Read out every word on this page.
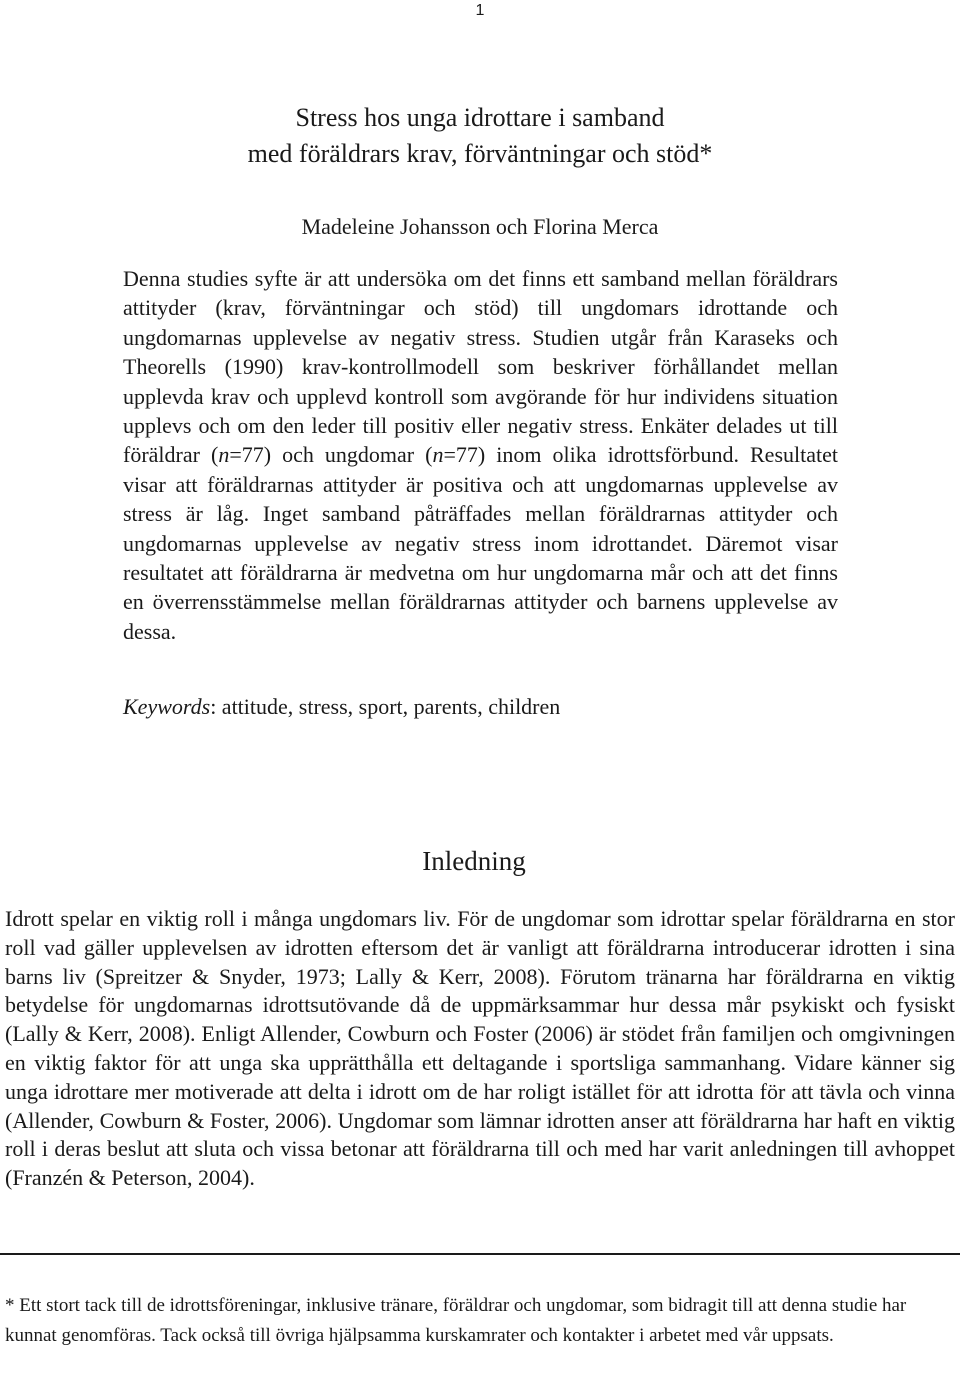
1
Stress hos unga idrottare i samband
med föräldrars krav, förväntningar och stöd*
Madeleine Johansson och Florina Merca

Denna studies syfte är att undersöka om det finns ett samband mellan föräldrars attityder (krav, förväntningar och stöd) till ungdomars idrottande och ungdomarnas upplevelse av negativ stress. Studien utgår från Karaseks och Theorells (1990) krav-kontrollmodell som beskriver förhållandet mellan upplevda krav och upplevd kontroll som avgörande för hur individens situation upplevs och om den leder till positiv eller negativ stress. Enkäter delades ut till föräldrar (n=77) och ungdomar (n=77) inom olika idrottsförbund. Resultatet visar att föräldrarnas attityder är positiva och att ungdomarnas upplevelse av stress är låg. Inget samband påträffades mellan föräldrarnas attityder och ungdomarnas upplevelse av negativ stress inom idrottandet. Däremot visar resultatet att föräldrarna är medvetna om hur ungdomarna mår och att det finns en överrensstämmelse mellan föräldrarnas attityder och barnens upplevelse av dessa.

Keywords: attitude, stress, sport, parents, children

Inledning

Idrott spelar en viktig roll i många ungdomars liv. För de ungdomar som idrottar spelar föräldrarna en stor roll vad gäller upplevelsen av idrotten eftersom det är vanligt att föräldrarna introducerar idrotten i sina barns liv (Spreitzer & Snyder, 1973; Lally & Kerr, 2008). Förutom tränarna har föräldrarna en viktig betydelse för ungdomarnas idrottsutövande då de uppmärksammar hur dessa mår psykiskt och fysiskt (Lally & Kerr, 2008). Enligt Allender, Cowburn och Foster (2006) är stödet från familjen och omgivningen en viktig faktor för att unga ska upprätthålla ett deltagande i sportsliga sammanhang. Vidare känner sig unga idrottare mer motiverade att delta i idrott om de har roligt istället för att idrotta för att tävla och vinna (Allender, Cowburn & Foster, 2006). Ungdomar som lämnar idrotten anser att föräldrarna har haft en viktig roll i deras beslut att sluta och vissa betonar att föräldrarna till och med har varit anledningen till avhoppet (Franzén & Peterson, 2004).

* Ett stort tack till de idrottsföreningar, inklusive tränare, föräldrar och ungdomar, som bidragit till att denna studie har kunnat genomföras. Tack också till övriga hjälpsamma kurskamrater och kontakter i arbetet med vår uppsats.
